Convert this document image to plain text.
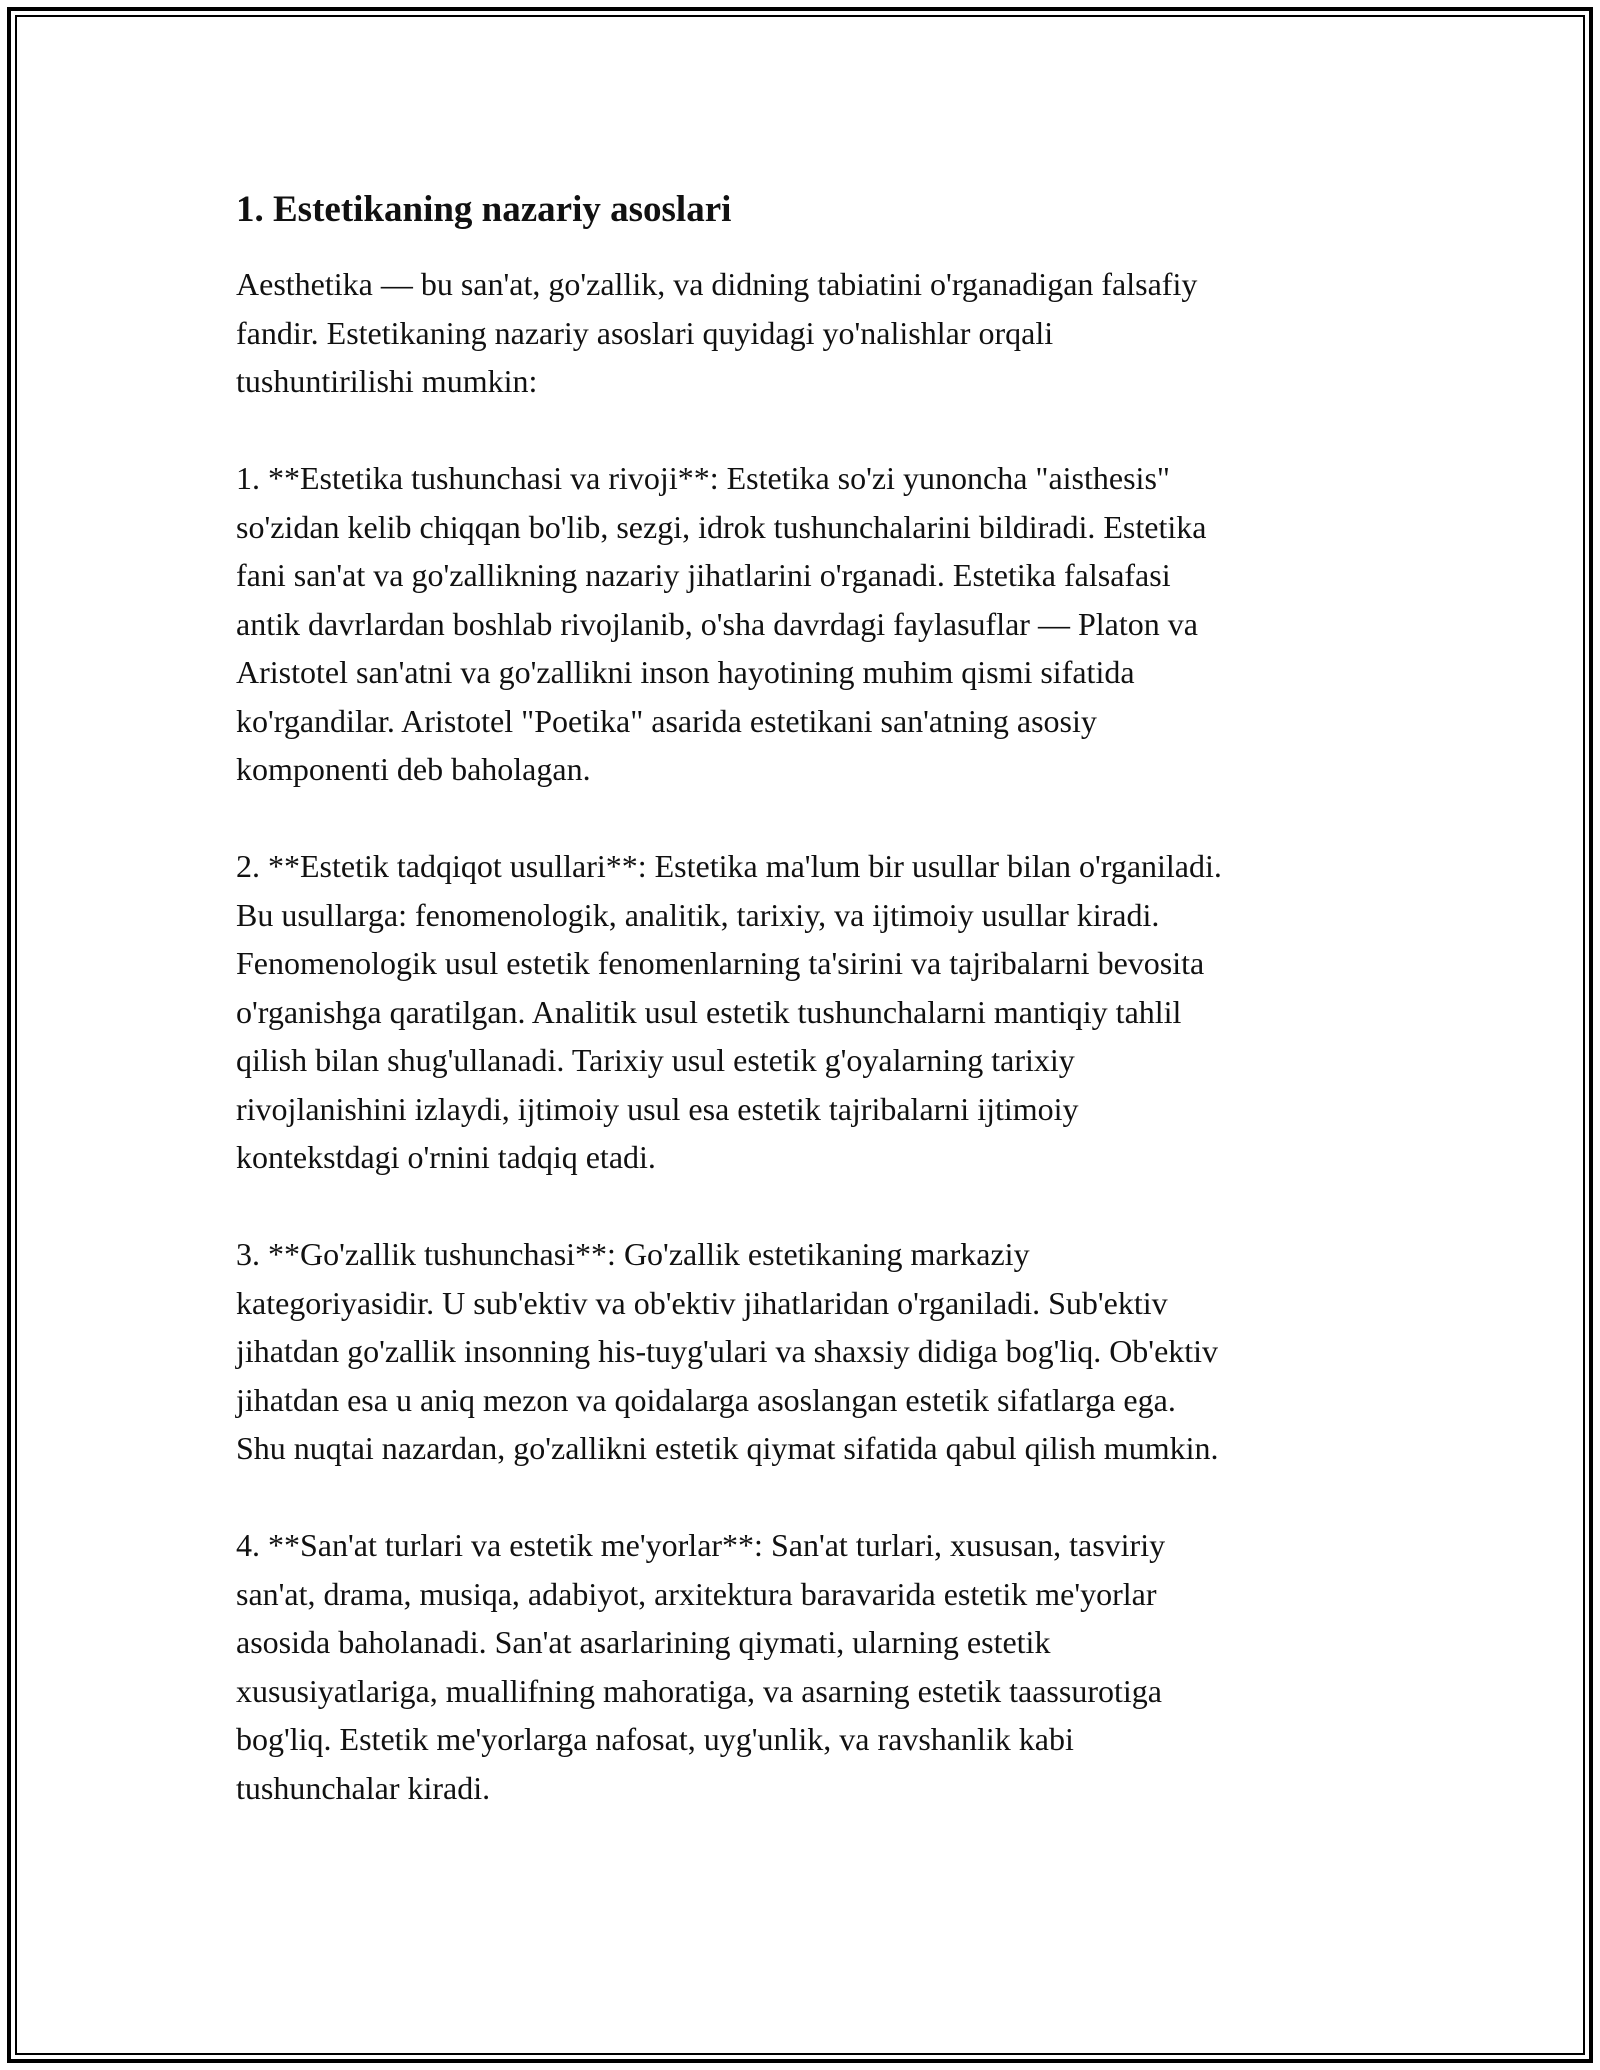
1. Estetikaning nazariy asoslari

Aesthetika — bu san'at, go'zallik, va didning tabiatini o'rganadigan falsafiy
fandir. Estetikaning nazariy asoslari quyidagi yo'nalishlar orqali
tushuntirilishi mumkin:

1. **Estetika tushunchasi va rivoji**: Estetika so'zi yunoncha "aisthesis"
so'zidan kelib chiqqan bo'lib, sezgi, idrok tushunchalarini bildiradi. Estetika
fani san'at va go'zallikning nazariy jihatlarini o'rganadi. Estetika falsafasi
antik davrlardan boshlab rivojlanib, o'sha davrdagi faylasuflar — Platon va
Aristotel san'atni va go'zallikni inson hayotining muhim qismi sifatida
ko'rgandilar. Aristotel "Poetika" asarida estetikani san'atning asosiy
komponenti deb baholagan.

2. **Estetik tadqiqot usullari**: Estetika ma'lum bir usullar bilan o'rganiladi.
Bu usullarga: fenomenologik, analitik, tarixiy, va ijtimoiy usullar kiradi.
Fenomenologik usul estetik fenomenlarning ta'sirini va tajribalarni bevosita
o'rganishga qaratilgan. Analitik usul estetik tushunchalarni mantiqiy tahlil
qilish bilan shug'ullanadi. Tarixiy usul estetik g'oyalarning tarixiy
rivojlanishini izlaydi, ijtimoiy usul esa estetik tajribalarni ijtimoiy
kontekstdagi o'rnini tadqiq etadi.

3. **Go'zallik tushunchasi**: Go'zallik estetikaning markaziy
kategoriyasidir. U sub'ektiv va ob'ektiv jihatlaridan o'rganiladi. Sub'ektiv
jihatdan go'zallik insonning his-tuyg'ulari va shaxsiy didiga bog'liq. Ob'ektiv
jihatdan esa u aniq mezon va qoidalarga asoslangan estetik sifatlarga ega.
Shu nuqtai nazardan, go'zallikni estetik qiymat sifatida qabul qilish mumkin.

4. **San'at turlari va estetik me'yorlar**: San'at turlari, xususan, tasviriy
san'at, drama, musiqa, adabiyot, arxitektura baravarida estetik me'yorlar
asosida baholanadi. San'at asarlarining qiymati, ularning estetik
xususiyatlariga, muallifning mahoratiga, va asarning estetik taassurotiga
bog'liq. Estetik me'yorlarga nafosat, uyg'unlik, va ravshanlik kabi
tushunchalar kiradi.
